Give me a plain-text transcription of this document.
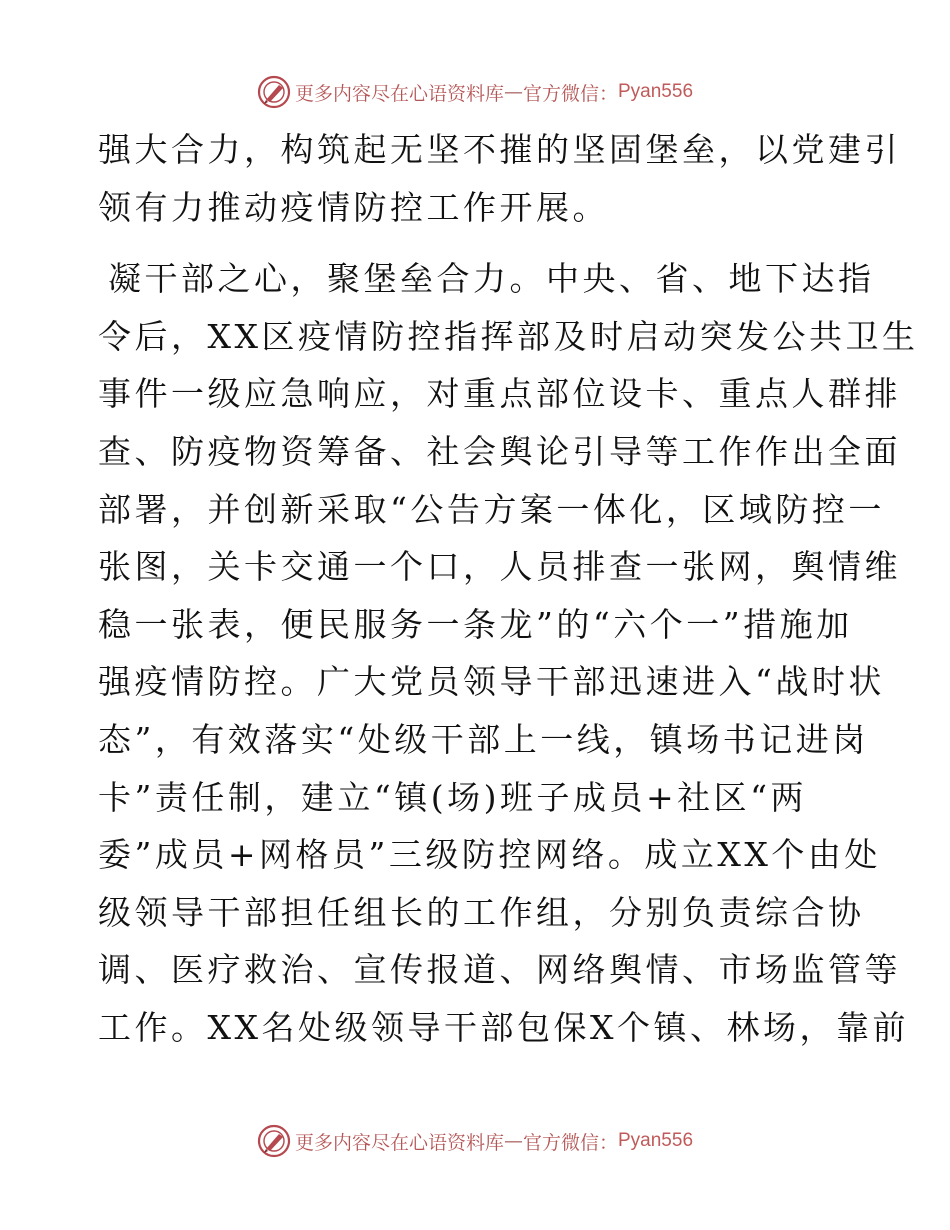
更多内容尽在心语资料库 — 官方微信： Pyan556
强大合力，构筑起无坚不摧的坚固堡垒，以党建引
领有力推动疫情防控工作开展。
凝干部之心，聚堡垒合力。中央、省、地下达指
令后，XX区疫情防控指挥部及时启动突发公共卫生
事件一级应急响应，对重点部位设卡、重点人群排
查、防疫物资筹备、社会舆论引导等工作作出全面
部署，并创新采取“公告方案一体化，区域防控一
张图，关卡交通一个口，人员排查一张网，舆情维
稳一张表，便民服务一条龙”的“六个一”措施加
强疫情防控。广大党员领导干部迅速进入“战时状
态”，有效落实“处级干部上一线，镇场书记进岗
卡”责任制，建立“镇(场)班子成员+社区“两
委”成员+网格员”三级防控网络。成立XX个由处
级领导干部担任组长的工作组，分别负责综合协
调、医疗救治、宣传报道、网络舆情、市场监管等
工作。XX名处级领导干部包保X个镇、林场，靠前
更多内容尽在心语资料库 — 官方微信： Pyan556
